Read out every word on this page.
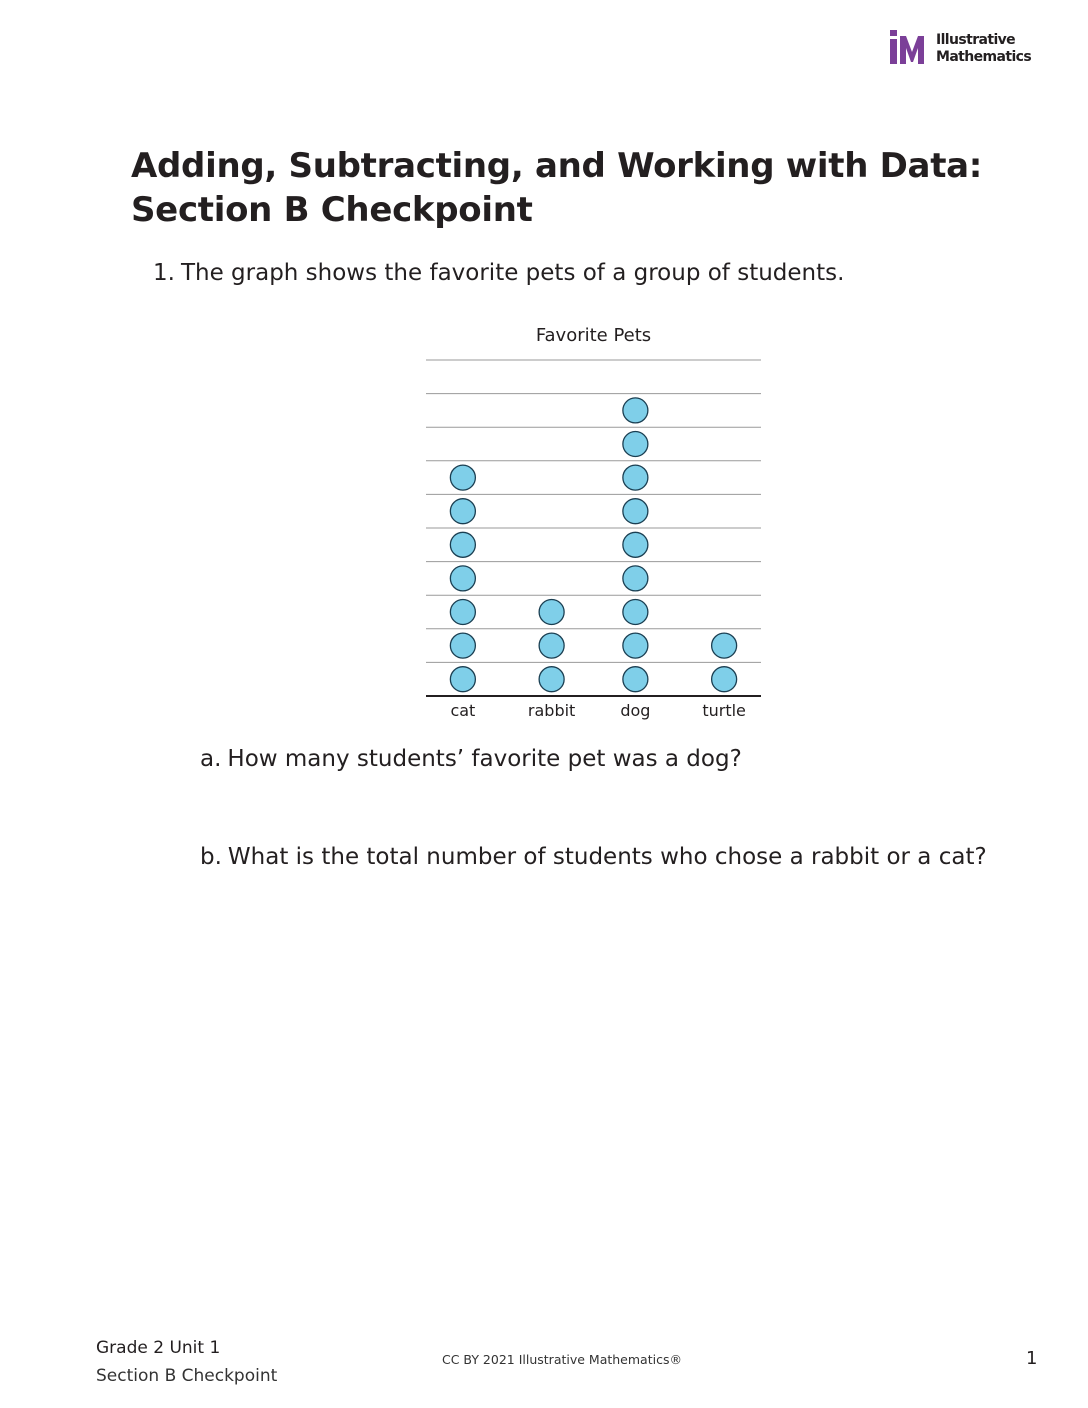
Illustrative
Mathematics
Adding, Subtracting, and Working with Data:
Section B Checkpoint
1. The graph shows the favorite pets of a group of students.
Favorite Pets
cat	rabbit	dog	turtle
a. How many students’ favorite pet was a dog?
b. What is the total number of students who chose a rabbit or a cat?
Grade 2 Unit 1
Section B Checkpoint
CC BY 2021 Illustrative Mathematics®	1
